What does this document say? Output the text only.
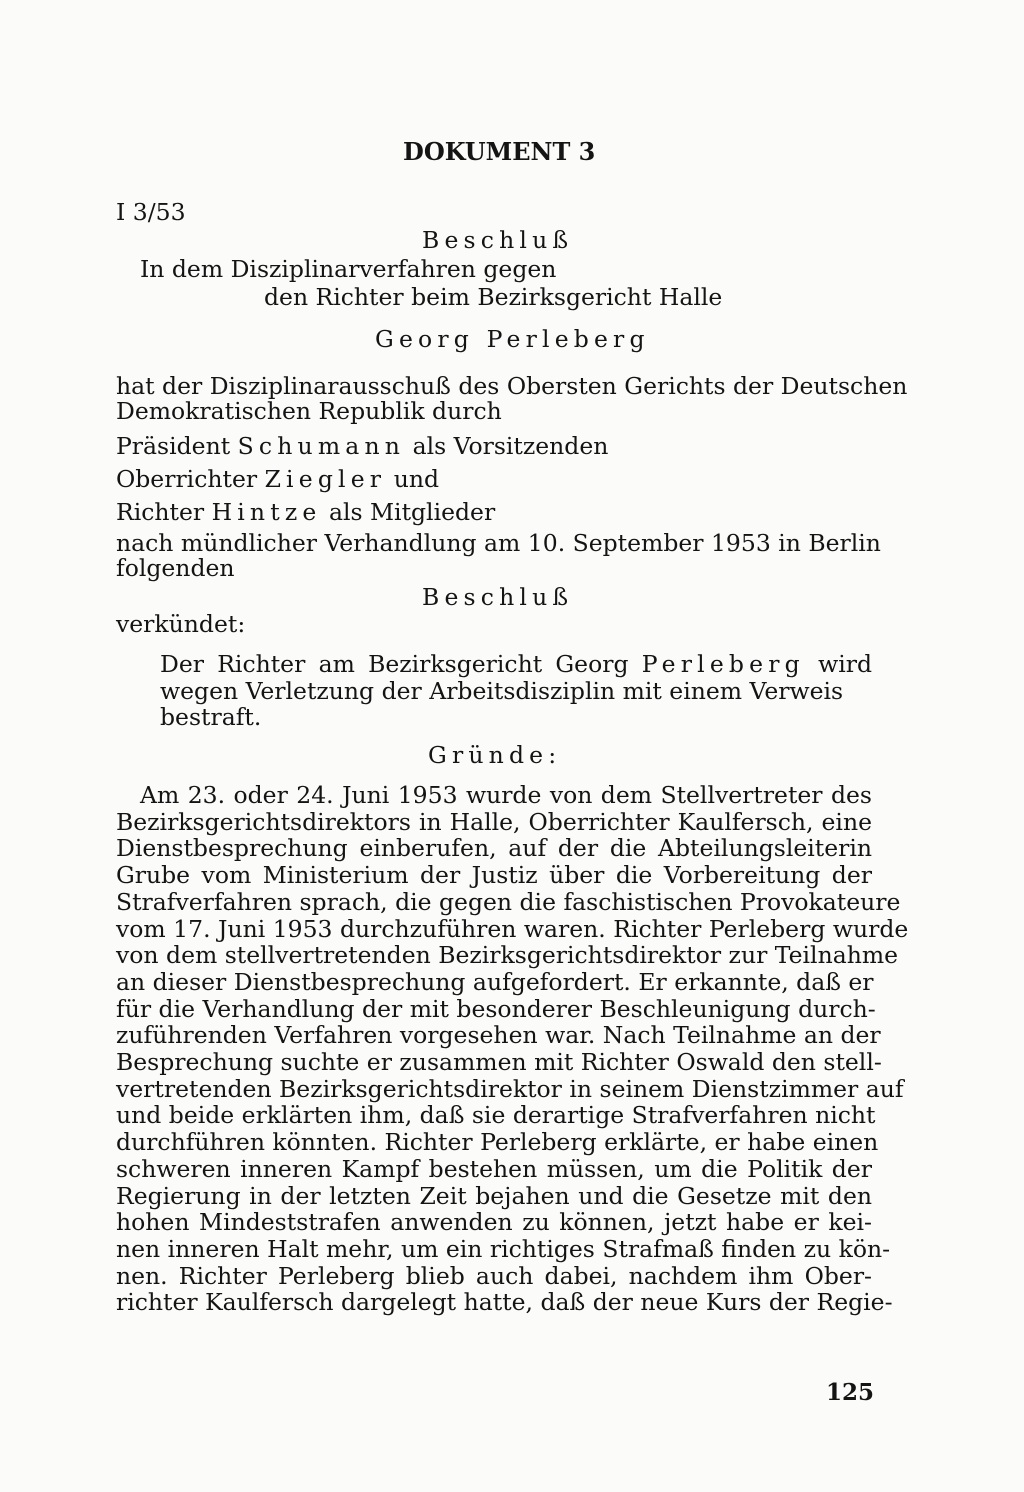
DOKUMENT 3
I 3/53
Beschluß
In dem Disziplinarverfahren gegen
den Richter beim Bezirksgericht Halle
Georg Perleberg
hat der Disziplinarausschuß des Obersten Gerichts der Deutschen
Demokratischen Republik durch
Präsident Schumann als Vorsitzenden
Oberrichter Ziegler und
Richter Hintze als Mitglieder
nach mündlicher Verhandlung am 10. September 1953 in Berlin
folgenden
Beschluß
verkündet:
Der Richter am Bezirksgericht Georg Perleberg wird
wegen Verletzung der Arbeitsdisziplin mit einem Verweis
bestraft.
Gründe:
Am 23. oder 24. Juni 1953 wurde von dem Stellvertreter des
Bezirksgerichtsdirektors in Halle, Oberrichter Kaulfersch, eine
Dienstbesprechung einberufen, auf der die Abteilungsleiterin
Grube vom Ministerium der Justiz über die Vorbereitung der
Strafverfahren sprach, die gegen die faschistischen Provokateure
vom 17. Juni 1953 durchzuführen waren. Richter Perleberg wurde
von dem stellvertretenden Bezirksgerichtsdirektor zur Teilnahme
an dieser Dienstbesprechung aufgefordert. Er erkannte, daß er
für die Verhandlung der mit besonderer Beschleunigung durch-
zuführenden Verfahren vorgesehen war. Nach Teilnahme an der
Besprechung suchte er zusammen mit Richter Oswald den stell-
vertretenden Bezirksgerichtsdirektor in seinem Dienstzimmer auf
und beide erklärten ihm, daß sie derartige Strafverfahren nicht
durchführen könnten. Richter Perleberg erklärte, er habe einen
schweren inneren Kampf bestehen müssen, um die Politik der
Regierung in der letzten Zeit bejahen und die Gesetze mit den
hohen Mindeststrafen anwenden zu können, jetzt habe er kei-
nen inneren Halt mehr, um ein richtiges Strafmaß finden zu kön-
nen. Richter Perleberg blieb auch dabei, nachdem ihm Ober-
richter Kaulfersch dargelegt hatte, daß der neue Kurs der Regie-
125
